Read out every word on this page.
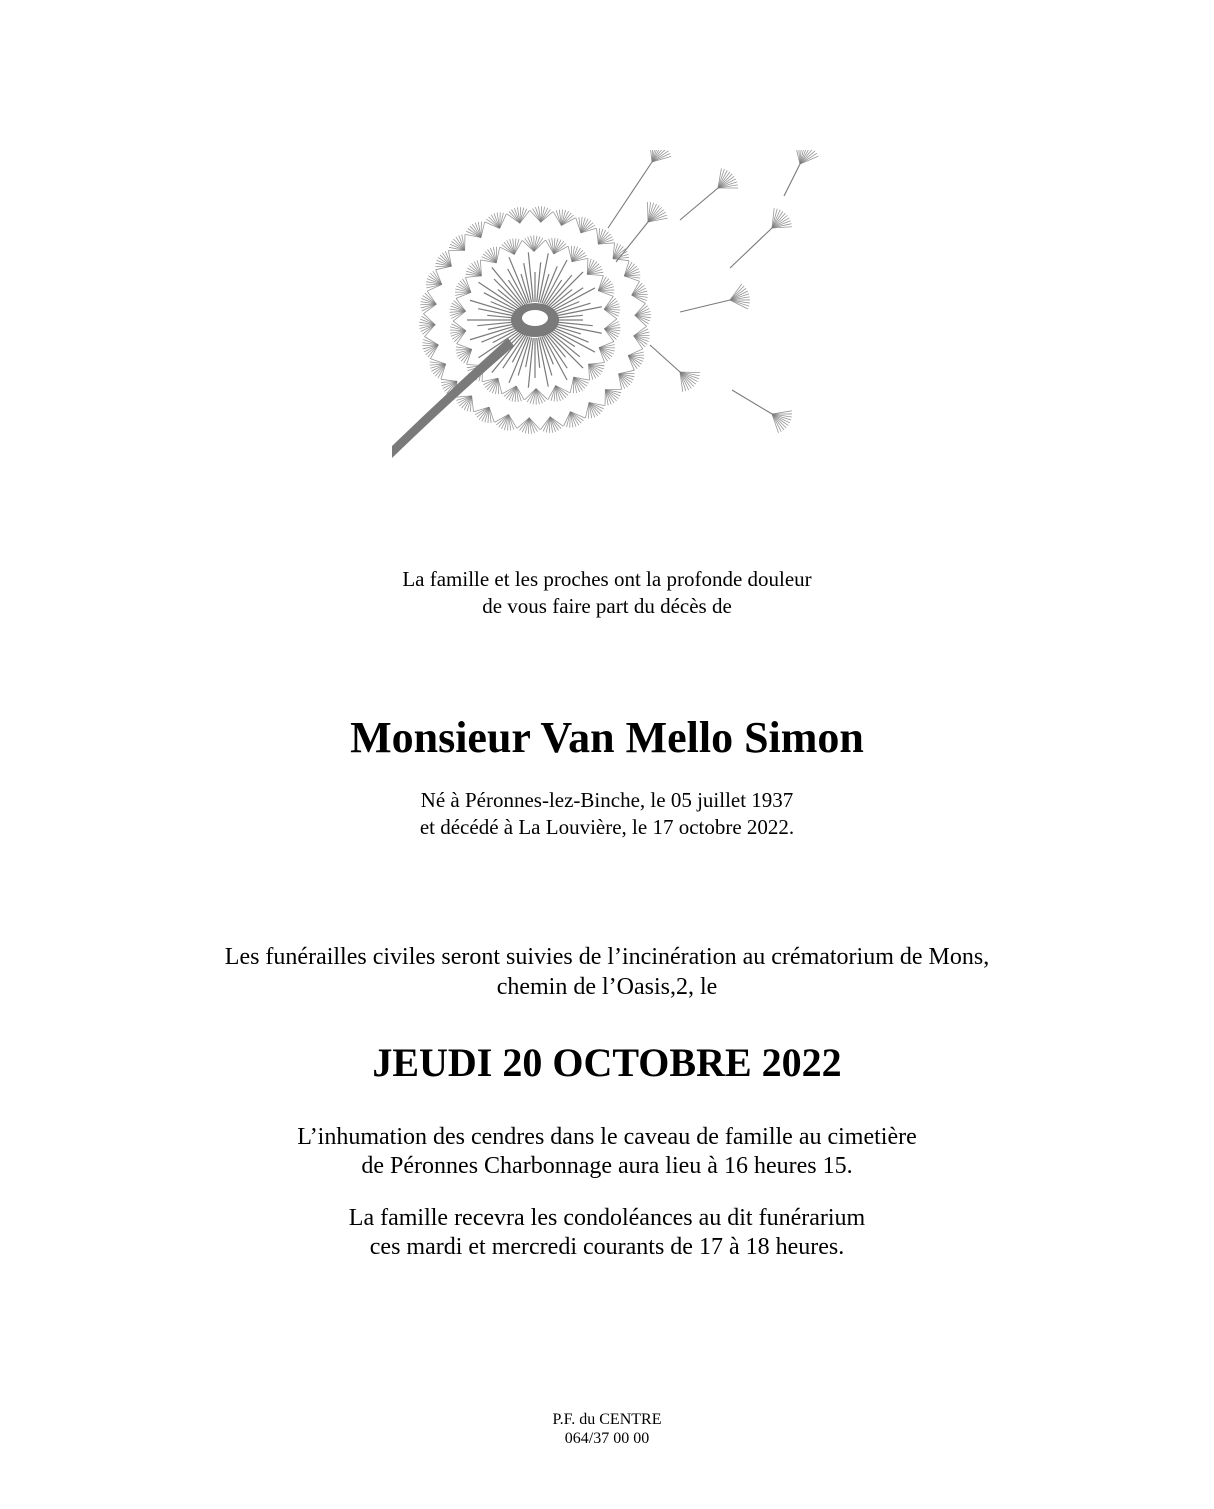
La famille et les proches ont la profonde douleur
de vous faire part du décès de
Monsieur Van Mello Simon
Né à Péronnes-lez-Binche, le 05 juillet 1937
et décédé à La Louvière, le 17 octobre 2022.
Les funérailles civiles seront suivies de l’incinération au crématorium de Mons,
chemin de l’Oasis,2, le
JEUDI 20 OCTOBRE 2022
L’inhumation des cendres dans le caveau de famille au cimetière
de Péronnes Charbonnage aura lieu à 16 heures 15.
La famille recevra les condoléances au dit funérarium
ces mardi et mercredi courants de 17 à 18 heures.
P.F. du CENTRE
064/37 00 00
